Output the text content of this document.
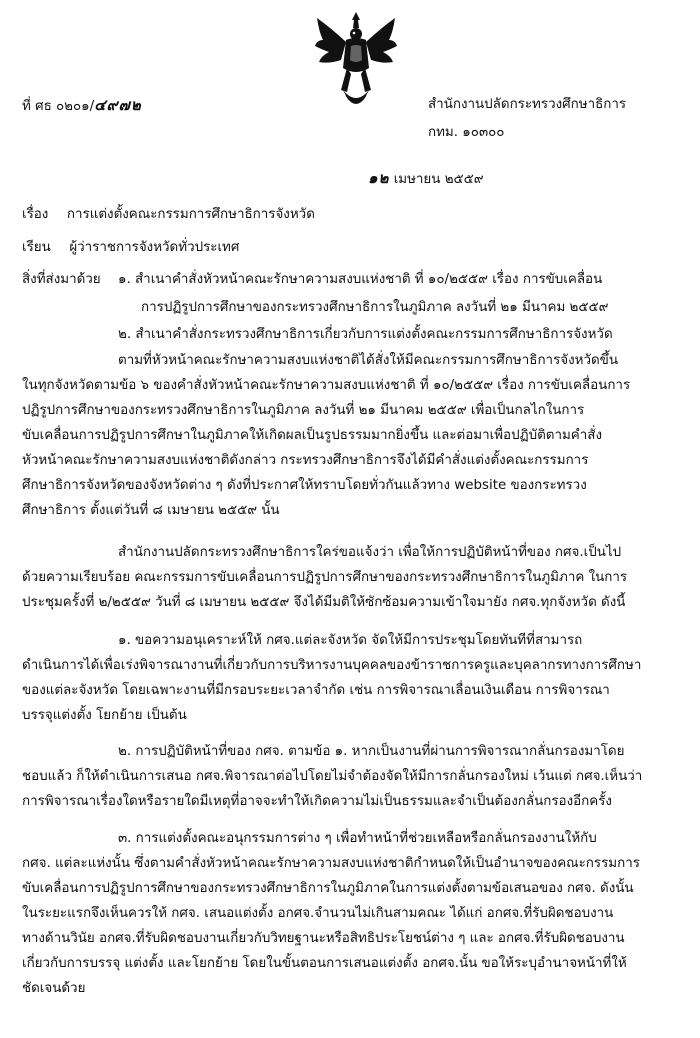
ที่ ศธ ๐๒๐๑/๔๙๗๒	สำนักงานปลัดกระทรวงศึกษาธิการ
กทม. ๑๐๓๐๐
๑๒ เมษายน ๒๕๕๙
เรื่อง การแต่งตั้งคณะกรรมการศึกษาธิการจังหวัด
เรียน ผู้ว่าราชการจังหวัดทั่วประเทศ
สิ่งที่ส่งมาด้วย ๑. สำเนาคำสั่งหัวหน้าคณะรักษาความสงบแห่งชาติ ที่ ๑๐/๒๕๕๙ เรื่อง การขับเคลื่อน
การปฏิรูปการศึกษาของกระทรวงศึกษาธิการในภูมิภาค ลงวันที่ ๒๑ มีนาคม ๒๕๕๙
๒. สำเนาคำสั่งกระทรวงศึกษาธิการเกี่ยวกับการแต่งตั้งคณะกรรมการศึกษาธิการจังหวัด
ตามที่หัวหน้าคณะรักษาความสงบแห่งชาติได้สั่งให้มีคณะกรรมการศึกษาธิการจังหวัดขึ้น
ในทุกจังหวัดตามข้อ ๖ ของคำสั่งหัวหน้าคณะรักษาความสงบแห่งชาติ ที่ ๑๐/๒๕๕๙ เรื่อง การขับเคลื่อนการ
ปฏิรูปการศึกษาของกระทรวงศึกษาธิการในภูมิภาค ลงวันที่ ๒๑ มีนาคม ๒๕๕๙ เพื่อเป็นกลไกในการ
ขับเคลื่อนการปฏิรูปการศึกษาในภูมิภาคให้เกิดผลเป็นรูปธรรมมากยิ่งขึ้น และต่อมาเพื่อปฏิบัติตามคำสั่ง
หัวหน้าคณะรักษาความสงบแห่งชาติดังกล่าว กระทรวงศึกษาธิการจึงได้มีคำสั่งแต่งตั้งคณะกรรมการ
ศึกษาธิการจังหวัดของจังหวัดต่าง ๆ ดังที่ประกาศให้ทราบโดยทั่วกันแล้วทาง website ของกระทรวง
ศึกษาธิการ ตั้งแต่วันที่ ๘ เมษายน ๒๕๕๙ นั้น
สำนักงานปลัดกระทรวงศึกษาธิการใคร่ขอแจ้งว่า เพื่อให้การปฏิบัติหน้าที่ของ กศจ.เป็นไป
ด้วยความเรียบร้อย คณะกรรมการขับเคลื่อนการปฏิรูปการศึกษาของกระทรวงศึกษาธิการในภูมิภาค ในการ
ประชุมครั้งที่ ๒/๒๕๕๙ วันที่ ๘ เมษายน ๒๕๕๙ จึงได้มีมติให้ซักซ้อมความเข้าใจมายัง กศจ.ทุกจังหวัด ดังนี้
๑. ขอความอนุเคราะห์ให้ กศจ.แต่ละจังหวัด จัดให้มีการประชุมโดยทันทีที่สามารถ
ดำเนินการได้เพื่อเร่งพิจารณางานที่เกี่ยวกับการบริหารงานบุคคลของข้าราชการครูและบุคลากรทางการศึกษา
ของแต่ละจังหวัด โดยเฉพาะงานที่มีกรอบระยะเวลาจำกัด เช่น การพิจารณาเลื่อนเงินเดือน การพิจารณา
บรรจุแต่งตั้ง โยกย้าย เป็นต้น
๒. การปฏิบัติหน้าที่ของ กศจ. ตามข้อ ๑. หากเป็นงานที่ผ่านการพิจารณากลั่นกรองมาโดย
ชอบแล้ว ก็ให้ดำเนินการเสนอ กศจ.พิจารณาต่อไปโดยไม่จำต้องจัดให้มีการกลั่นกรองใหม่ เว้นแต่ กศจ.เห็นว่า
การพิจารณาเรื่องใดหรือรายใดมีเหตุที่อาจจะทำให้เกิดความไม่เป็นธรรมและจำเป็นต้องกลั่นกรองอีกครั้ง
๓. การแต่งตั้งคณะอนุกรรมการต่าง ๆ เพื่อทำหน้าที่ช่วยเหลือหรือกลั่นกรองงานให้กับ
กศจ. แต่ละแห่งนั้น ซึ่งตามคำสั่งหัวหน้าคณะรักษาความสงบแห่งชาติกำหนดให้เป็นอำนาจของคณะกรรมการ
ขับเคลื่อนการปฏิรูปการศึกษาของกระทรวงศึกษาธิการในภูมิภาคในการแต่งตั้งตามข้อเสนอของ กศจ. ดังนั้น
ในระยะแรกจึงเห็นควรให้ กศจ. เสนอแต่งตั้ง อกศจ.จำนวนไม่เกินสามคณะ ได้แก่ อกศจ.ที่รับผิดชอบงาน
ทางด้านวินัย อกศจ.ที่รับผิดชอบงานเกี่ยวกับวิทยฐานะหรือสิทธิประโยชน์ต่าง ๆ และ อกศจ.ที่รับผิดชอบงาน
เกี่ยวกับการบรรจุ แต่งตั้ง และโยกย้าย โดยในขั้นตอนการเสนอแต่งตั้ง อกศจ.นั้น ขอให้ระบุอำนาจหน้าที่ให้
ชัดเจนด้วย
